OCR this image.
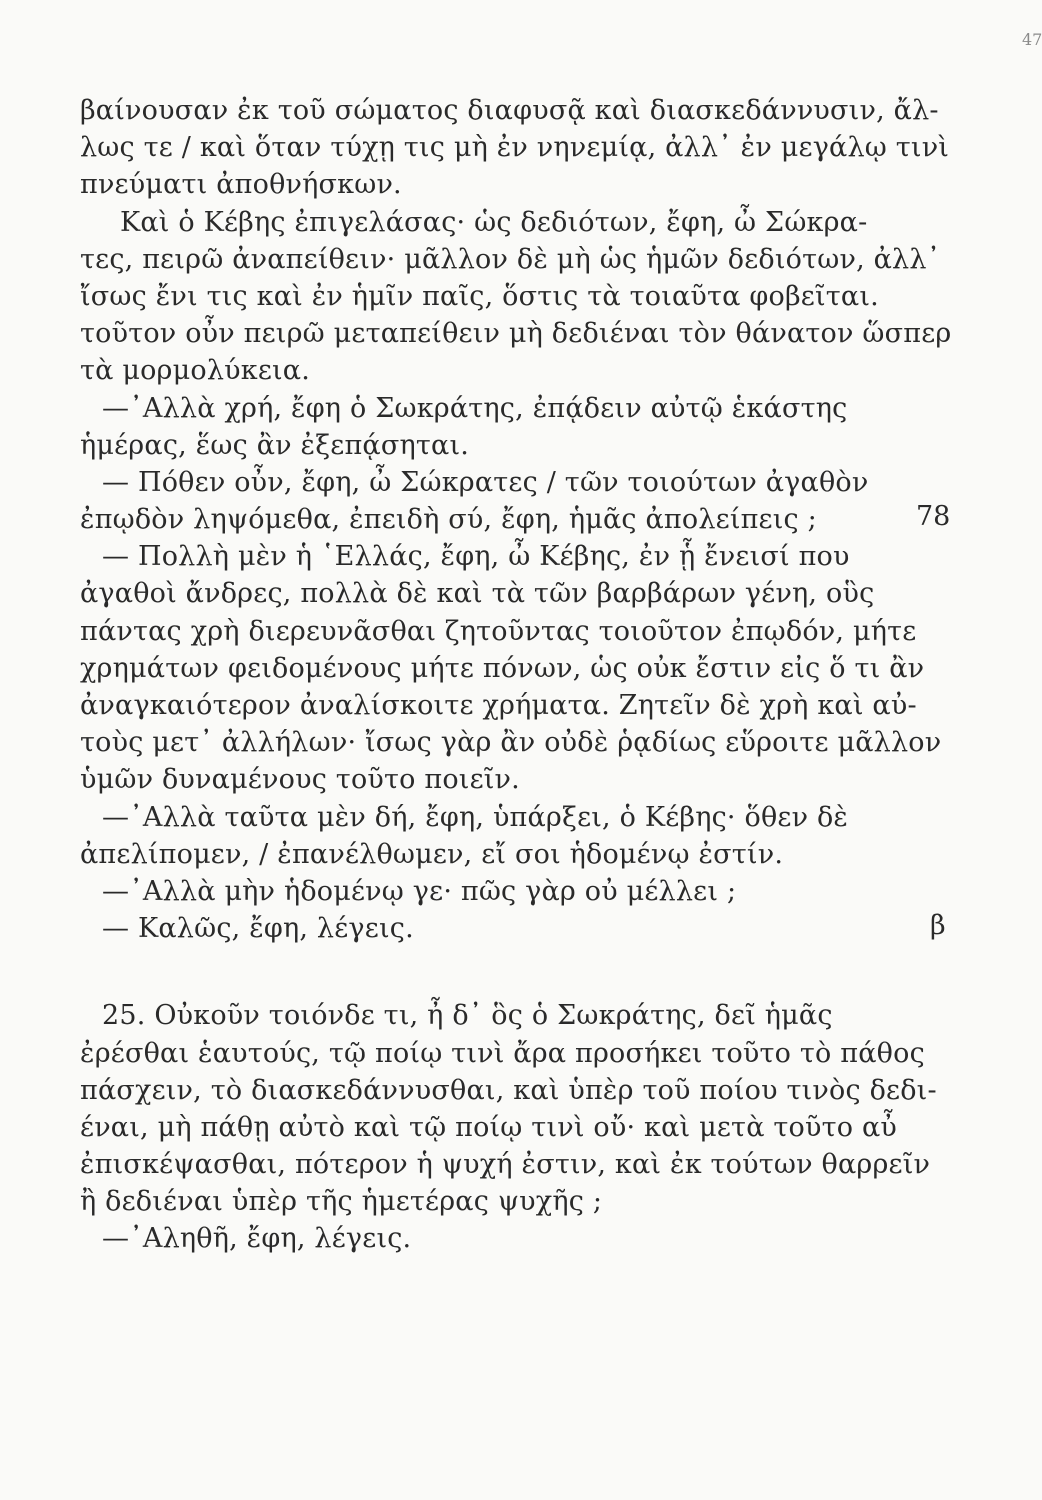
47
βαίνουσαν ἐκ τοῦ σώματος διαφυσᾷ καὶ διασκεδάννυσιν, ἄλ-
λως τε / καὶ ὅταν τύχῃ τις μὴ ἐν νηνεμίᾳ, ἀλλ᾽ ἐν μεγάλῳ τινὶ
πνεύματι ἀποθνήσκων.
Καὶ ὁ Κέβης ἐπιγελάσας· ὡς δεδιότων, ἔφη, ὦ Σώκρα-
τες, πειρῶ ἀναπείθειν· μᾶλλον δὲ μὴ ὡς ἡμῶν δεδιότων, ἀλλ᾽
ἴσως ἔνι τις καὶ ἐν ἡμῖν παῖς, ὅστις τὰ τοιαῦτα φοβεῖται.
τοῦτον οὖν πειρῶ μεταπείθειν μὴ δεδιέναι τὸν θάνατον ὥσπερ
τὰ μορμολύκεια.
—᾽Αλλὰ χρή, ἔφη ὁ Σωκράτης, ἐπᾴδειν αὐτῷ ἑκάστης
ἡμέρας, ἕως ἂν ἐξεπᾴσηται.
— Πόθεν οὖν, ἔφη, ὦ Σώκρατες / τῶν τοιούτων ἀγαθὸν
ἐπῳδὸν ληψόμεθα, ἐπειδὴ σύ, ἔφη, ἡμᾶς ἀπολείπεις ;
— Πολλὴ μὲν ἡ ῾Ελλάς, ἔφη, ὦ Κέβης, ἐν ᾗ ἔνεισί που
ἀγαθοὶ ἄνδρες, πολλὰ δὲ καὶ τὰ τῶν βαρβάρων γένη, οὓς
πάντας χρὴ διερευνᾶσθαι ζητοῦντας τοιοῦτον ἐπῳδόν, μήτε
χρημάτων φειδομένους μήτε πόνων, ὡς οὐκ ἔστιν εἰς ὅ τι ἂν
ἀναγκαιότερον ἀναλίσκοιτε χρήματα. Ζητεῖν δὲ χρὴ καὶ αὐ-
τοὺς μετ᾽ ἀλλήλων· ἴσως γὰρ ἂν οὐδὲ ῥᾳδίως εὕροιτε μᾶλλον
ὑμῶν δυναμένους τοῦτο ποιεῖν.
—᾽Αλλὰ ταῦτα μὲν δή, ἔφη, ὑπάρξει, ὁ Κέβης· ὅθεν δὲ
ἀπελίπομεν, / ἐπανέλθωμεν, εἴ σοι ἡδομένῳ ἐστίν.
—᾽Αλλὰ μὴν ἡδομένῳ γε· πῶς γὰρ οὐ μέλλει ;
— Καλῶς, ἔφη, λέγεις.
25. Οὐκοῦν τοιόνδε τι, ἦ δ᾽ ὃς ὁ Σωκράτης, δεῖ ἡμᾶς
ἐρέσθαι ἑαυτούς, τῷ ποίῳ τινὶ ἄρα προσήκει τοῦτο τὸ πάθος
πάσχειν, τὸ διασκεδάννυσθαι, καὶ ὑπὲρ τοῦ ποίου τινὸς δεδι-
έναι, μὴ πάθῃ αὐτὸ καὶ τῷ ποίῳ τινὶ οὔ· καὶ μετὰ τοῦτο αὖ
ἐπισκέψασθαι, πότερον ἡ ψυχή ἐστιν, καὶ ἐκ τούτων θαρρεῖν
ἢ δεδιέναι ὑπὲρ τῆς ἡμετέρας ψυχῆς ;
—᾽Αληθῆ, ἔφη, λέγεις.
78
β
